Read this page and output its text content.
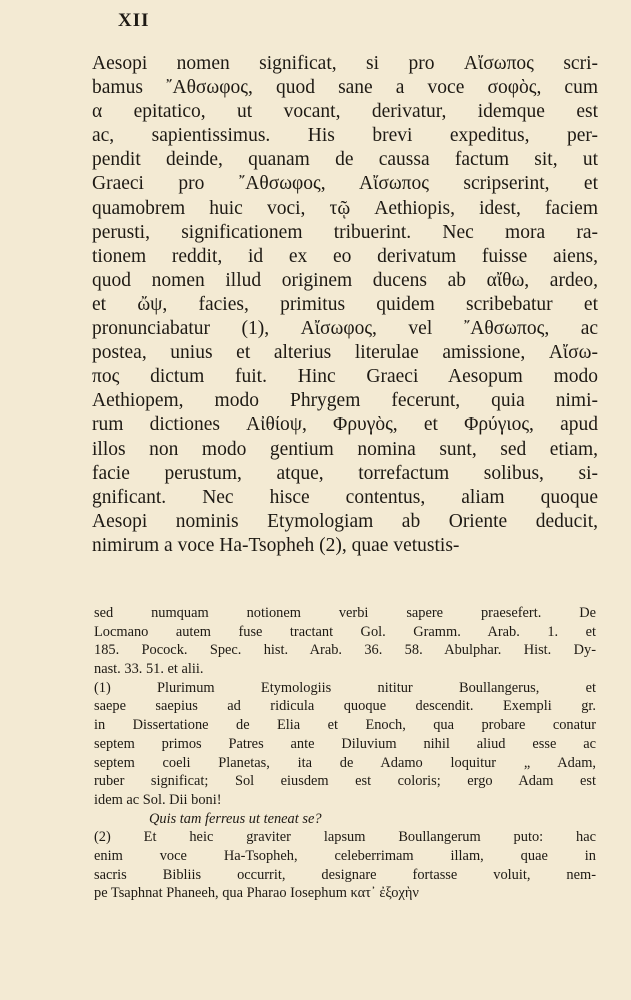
XII
Aesopi nomen significat, si pro Αἴσωπος scri-
bamus ῎Αθσωφος, quod sane a voce σοφὸς, cum
α epitatico, ut vocant, derivatur, idemque est
ac, sapientissimus. His brevi expeditus, per-
pendit deinde, quanam de caussa factum sit, ut
Graeci pro ῎Αθσωφος, Αἴσωπος scripserint, et
quamobrem huic voci, τῷ Aethiopis, idest, faciem
perusti, significationem tribuerint. Nec mora ra-
tionem reddit, id ex eo derivatum fuisse aiens,
quod nomen illud originem ducens ab αἴθω, ardeo,
et ὤψ, facies, primitus quidem scribebatur et
pronunciabatur (1), Αἴσωφος, vel ῎Αθσωπος, ac
postea, unius et alterius literulae amissione, Αἴσω-
πος dictum fuit. Hinc Graeci Aesopum modo
Aethiopem, modo Phrygem fecerunt, quia nimi-
rum dictiones Αἰθίοψ, Φρυγὸς, et Φρύγιος, apud
illos non modo gentium nomina sunt, sed etiam,
facie perustum, atque, torrefactum solibus, si-
gnificant. Nec hisce contentus, aliam quoque
Aesopi nominis Etymologiam ab Oriente deducit,
nimirum a voce Ha-Tsopheh (2), quae vetustis-
sed numquam notionem verbi sapere praesefert. De
Locmano autem fuse tractant Gol. Gramm. Arab. 1. et
185. Pocock. Spec. hist. Arab. 36. 58. Abulphar. Hist. Dy-
nast. 33. 51. et alii.
(1) Plurimum Etymologiis nititur Boullangerus, et
saepe saepius ad ridicula quoque descendit. Exempli gr.
in Dissertatione de Elia et Enoch, qua probare conatur
septem primos Patres ante Diluvium nihil aliud esse ac
septem coeli Planetas, ita de Adamo loquitur „ Adam,
ruber significat; Sol eiusdem est coloris; ergo Adam est
idem ac Sol. Dii boni!
Quis tam ferreus ut teneat se?
(2) Et heic graviter lapsum Boullangerum puto: hac
enim voce Ha-Tsopheh, celeberrimam illam, quae in
sacris Bibliis occurrit, designare fortasse voluit, nem-
pe Tsaphnat Phaneeh, qua Pharao Iosephum κατ᾽ ἐξοχὴν
